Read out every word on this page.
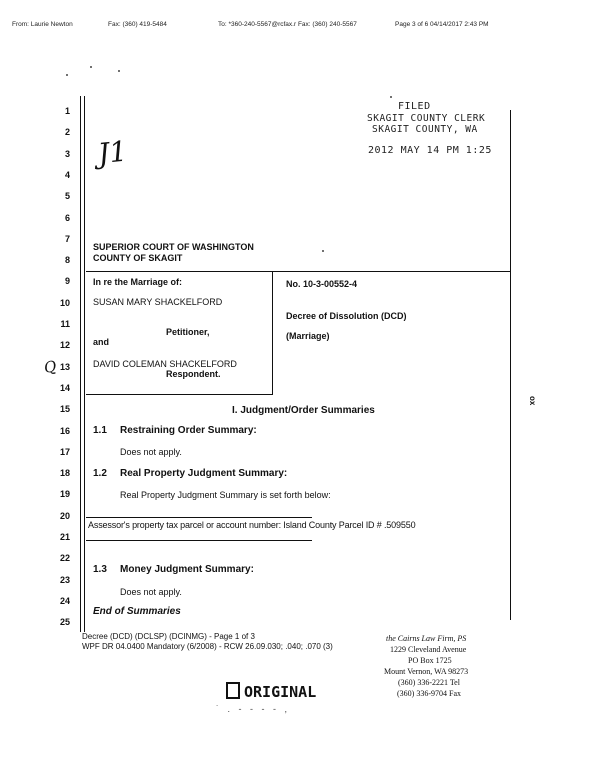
From: Laurie Newton	Fax: (360) 419-5484	To: *360-240-5567@rcfax.r Fax: (360) 240-5567	Page 3 of 6 04/14/2017 2:43 PM
1
2
3
4
5
6
7
8
9
10
11
12
13
14
15
16
17
18
19
20
21
22
23
24
25
FILED
SKAGIT COUNTY CLERK
SKAGIT COUNTY, WA
2012 MAY 14 PM 1:25
J1
SUPERIOR COURT OF WASHINGTON
COUNTY OF SKAGIT
In re the Marriage of:
SUSAN MARY SHACKELFORD
Petitioner,
and
DAVID COLEMAN SHACKELFORD
Respondent.
No. 10-3-00552-4
Decree of Dissolution (DCD)
(Marriage)
Q
I. Judgment/Order Summaries
1.1 Restraining Order Summary:
Does not apply.
1.2 Real Property Judgment Summary:
Real Property Judgment Summary is set forth below:
Assessor's property tax parcel or account number: Island County Parcel ID # .509550
1.3 Money Judgment Summary:
Does not apply.
End of Summaries
ox
Decree (DCD) (DCLSP) (DCINMG) - Page 1 of 3
WPF DR 04.0400 Mandatory (6/2008) - RCW 26.09.030; .040; .070 (3)
ORIGINAL
˙ . ‐ ‐ ‐ ‐ ,
the Cairns Law Firm, PS
1229 Cleveland Avenue
PO Box 1725
Mount Vernon, WA 98273
(360) 336-2221 Tel
(360) 336-9704 Fax
